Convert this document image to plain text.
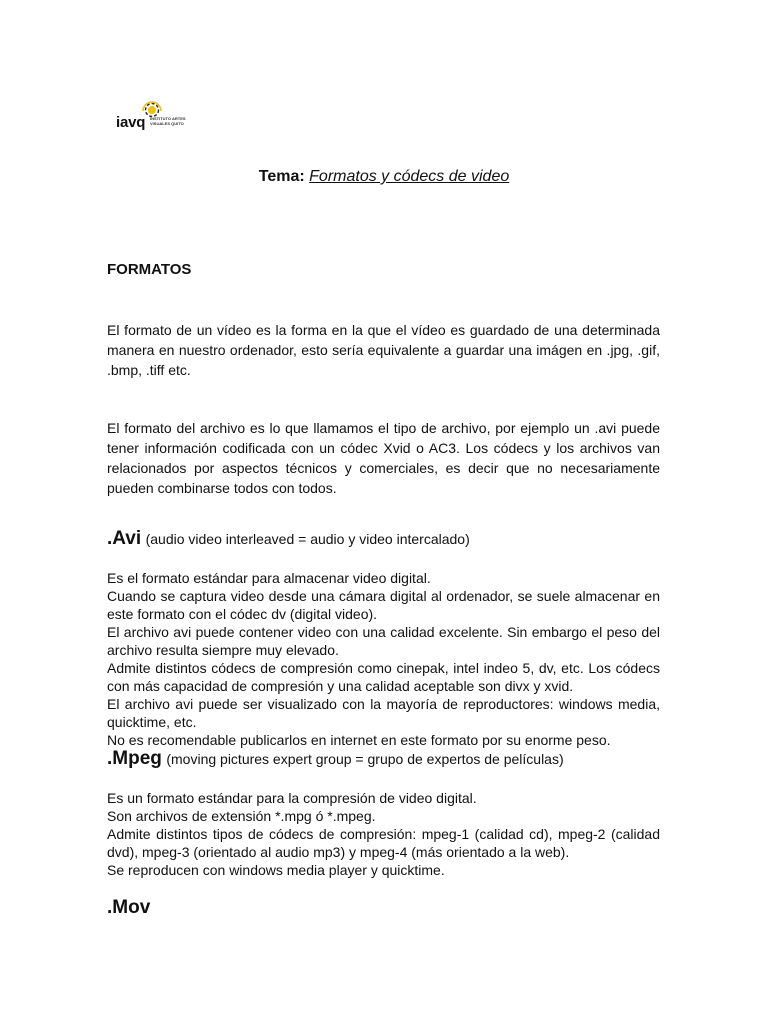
iavq INSTITUTO ARTES VISUALES QUITO
Tema: Formatos y códecs de video
FORMATOS

El formato de un vídeo es la forma en la que el vídeo es guardado de una determinada manera en nuestro ordenador, esto sería equivalente a guardar una imágen en .jpg, .gif, .bmp, .tiff etc.

El formato del archivo es lo que llamamos el tipo de archivo, por ejemplo un .avi puede tener información codificada con un códec Xvid o AC3. Los códecs y los archivos van relacionados por aspectos técnicos y comerciales, es decir que no necesariamente pueden combinarse todos con todos.

.Avi (audio video interleaved = audio y video intercalado)
Es el formato estándar para almacenar video digital.
Cuando se captura video desde una cámara digital al ordenador, se suele almacenar en este formato con el códec dv (digital video).
El archivo avi puede contener video con una calidad excelente. Sin embargo el peso del archivo resulta siempre muy elevado.
Admite distintos códecs de compresión como cinepak, intel indeo 5, dv, etc. Los códecs con más capacidad de compresión y una calidad aceptable son divx y xvid.
El archivo avi puede ser visualizado con la mayoría de reproductores: windows media, quicktime, etc.
No es recomendable publicarlos en internet en este formato por su enorme peso.
.Mpeg (moving pictures expert group = grupo de expertos de películas)
Es un formato estándar para la compresión de video digital.
Son archivos de extensión *.mpg ó *.mpeg.
Admite distintos tipos de códecs de compresión: mpeg-1 (calidad cd), mpeg-2 (calidad dvd), mpeg-3 (orientado al audio mp3) y mpeg-4 (más orientado a la web).
Se reproducen con windows media player y quicktime.
.Mov
